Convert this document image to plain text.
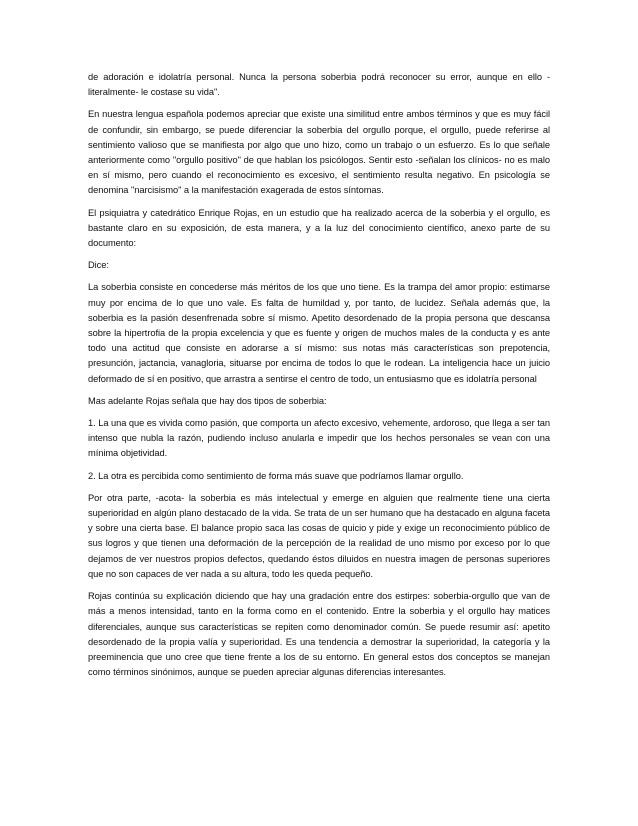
de adoración e idolatría personal. Nunca la persona soberbia podrá reconocer su error, aunque en ello -literalmente- le costase su vida".

En nuestra lengua española podemos apreciar que existe una similitud entre ambos términos y que es muy fácil de confundir, sin embargo, se puede diferenciar la soberbia del orgullo porque, el orgullo, puede referirse al sentimiento valioso que se manifiesta por algo que uno hizo, como un trabajo o un esfuerzo. Es lo que señale anteriormente como "orgullo positivo" de que hablan los psicólogos. Sentir esto -señalan los clínicos- no es malo en sí mismo, pero cuando el reconocimiento es excesivo, el sentimiento resulta negativo. En psicología se denomina "narcisismo" a la manifestación exagerada de estos síntomas.

El psiquiatra y catedrático Enrique Rojas, en un estudio que ha realizado acerca de la soberbia y el orgullo, es bastante claro en su exposición, de esta manera, y a la luz del conocimiento científico, anexo parte de su documento:

Dice:

La soberbia consiste en concederse más méritos de los que uno tiene. Es la trampa del amor propio: estimarse muy por encima de lo que uno vale. Es falta de humildad y, por tanto, de lucidez. Señala además que, la soberbia es la pasión desenfrenada sobre sí mismo. Apetito desordenado de la propia persona que descansa sobre la hipertrofia de la propia excelencia y que es fuente y origen de muchos males de la conducta y es ante todo una actitud que consiste en adorarse a sí mismo: sus notas más características son prepotencia, presunción, jactancia, vanagloria, situarse por encima de todos lo que le rodean. La inteligencia hace un juicio deformado de sí en positivo, que arrastra a sentirse el centro de todo, un entusiasmo que es idolatría personal

Mas adelante Rojas señala que hay dos tipos de soberbia:

1. La una que es vivida como pasión, que comporta un afecto excesivo, vehemente, ardoroso, que llega a ser tan intenso que nubla la razón, pudiendo incluso anularla e impedir que los hechos personales se vean con una mínima objetividad.

2. La otra es percibida como sentimiento de forma más suave que podríamos llamar orgullo.

Por otra parte, -acota- la soberbia es más intelectual y emerge en alguien que realmente tiene una cierta superioridad en algún plano destacado de la vida. Se trata de un ser humano que ha destacado en alguna faceta y sobre una cierta base. El balance propio saca las cosas de quicio y pide y exige un reconocimiento público de sus logros y que tienen una deformación de la percepción de la realidad de uno mismo por exceso por lo que dejamos de ver nuestros propios defectos, quedando éstos diluidos en nuestra imagen de personas superiores que no son capaces de ver nada a su altura, todo les queda pequeño.

Rojas continúa su explicación diciendo que hay una gradación entre dos estirpes: soberbia-orgullo que van de más a menos intensidad, tanto en la forma como en el contenido. Entre la soberbia y el orgullo hay matices diferenciales, aunque sus características se repiten como denominador común. Se puede resumir así: apetito desordenado de la propia valía y superioridad. Es una tendencia a demostrar la superioridad, la categoría y la preeminencia que uno cree que tiene frente a los de su entorno. En general estos dos conceptos se manejan como términos sinónimos, aunque se pueden apreciar algunas diferencias interesantes.
